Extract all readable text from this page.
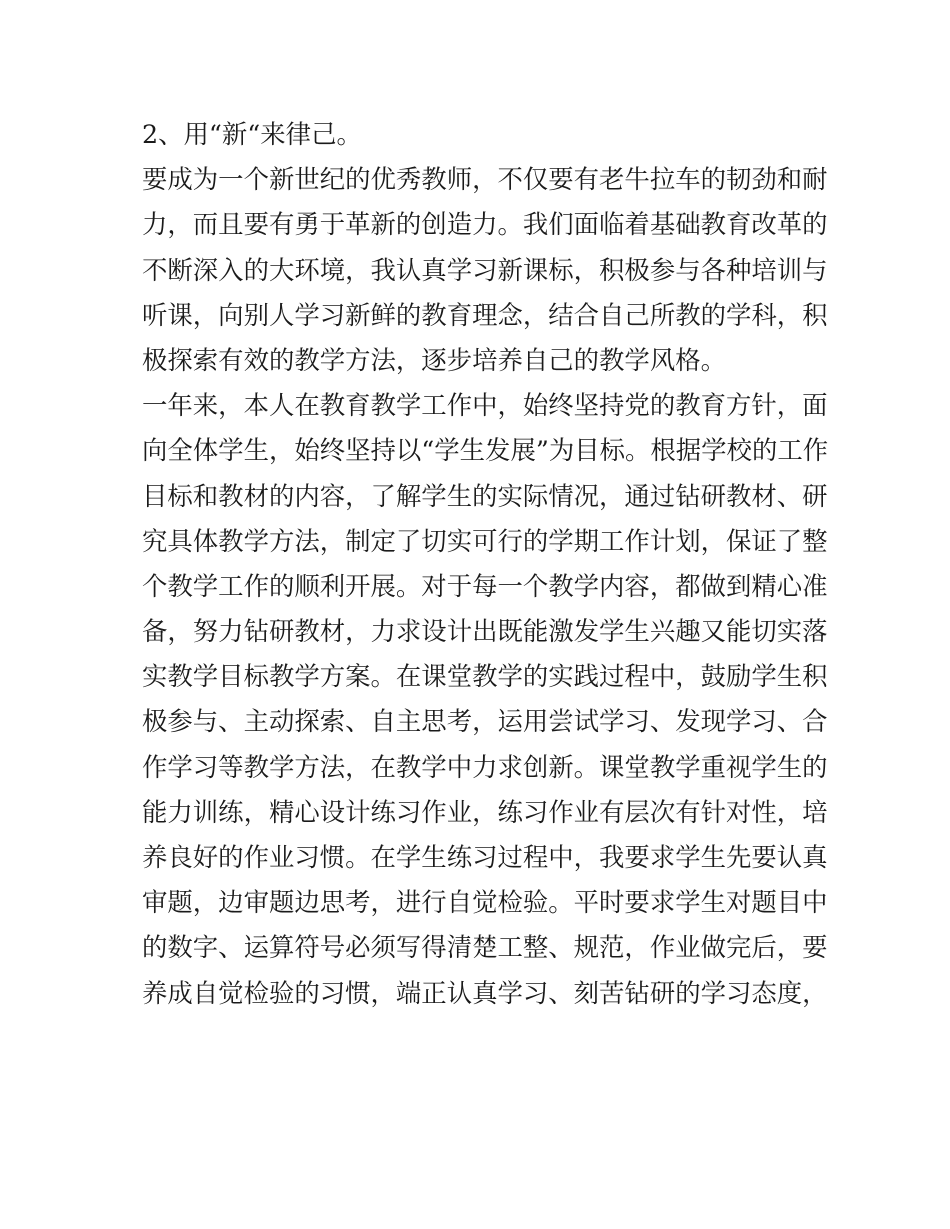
2、用“新“来律己。
要成为一个新世纪的优秀教师，不仅要有老牛拉车的韧劲和耐
力，而且要有勇于革新的创造力。我们面临着基础教育改革的
不断深入的大环境，我认真学习新课标，积极参与各种培训与
听课，向别人学习新鲜的教育理念，结合自己所教的学科，积
极探索有效的教学方法，逐步培养自己的教学风格。
一年来，本人在教育教学工作中，始终坚持党的教育方针，面
向全体学生，始终坚持以“学生发展”为目标。根据学校的工作
目标和教材的内容，了解学生的实际情况，通过钻研教材、研
究具体教学方法，制定了切实可行的学期工作计划，保证了整
个教学工作的顺利开展。对于每一个教学内容，都做到精心准
备，努力钻研教材，力求设计出既能激发学生兴趣又能切实落
实教学目标教学方案。在课堂教学的实践过程中，鼓励学生积
极参与、主动探索、自主思考，运用尝试学习、发现学习、合
作学习等教学方法，在教学中力求创新。课堂教学重视学生的
能力训练，精心设计练习作业，练习作业有层次有针对性，培
养良好的作业习惯。在学生练习过程中，我要求学生先要认真
审题，边审题边思考，进行自觉检验。平时要求学生对题目中
的数字、运算符号必须写得清楚工整、规范，作业做完后，要
养成自觉检验的习惯，端正认真学习、刻苦钻研的学习态度，
